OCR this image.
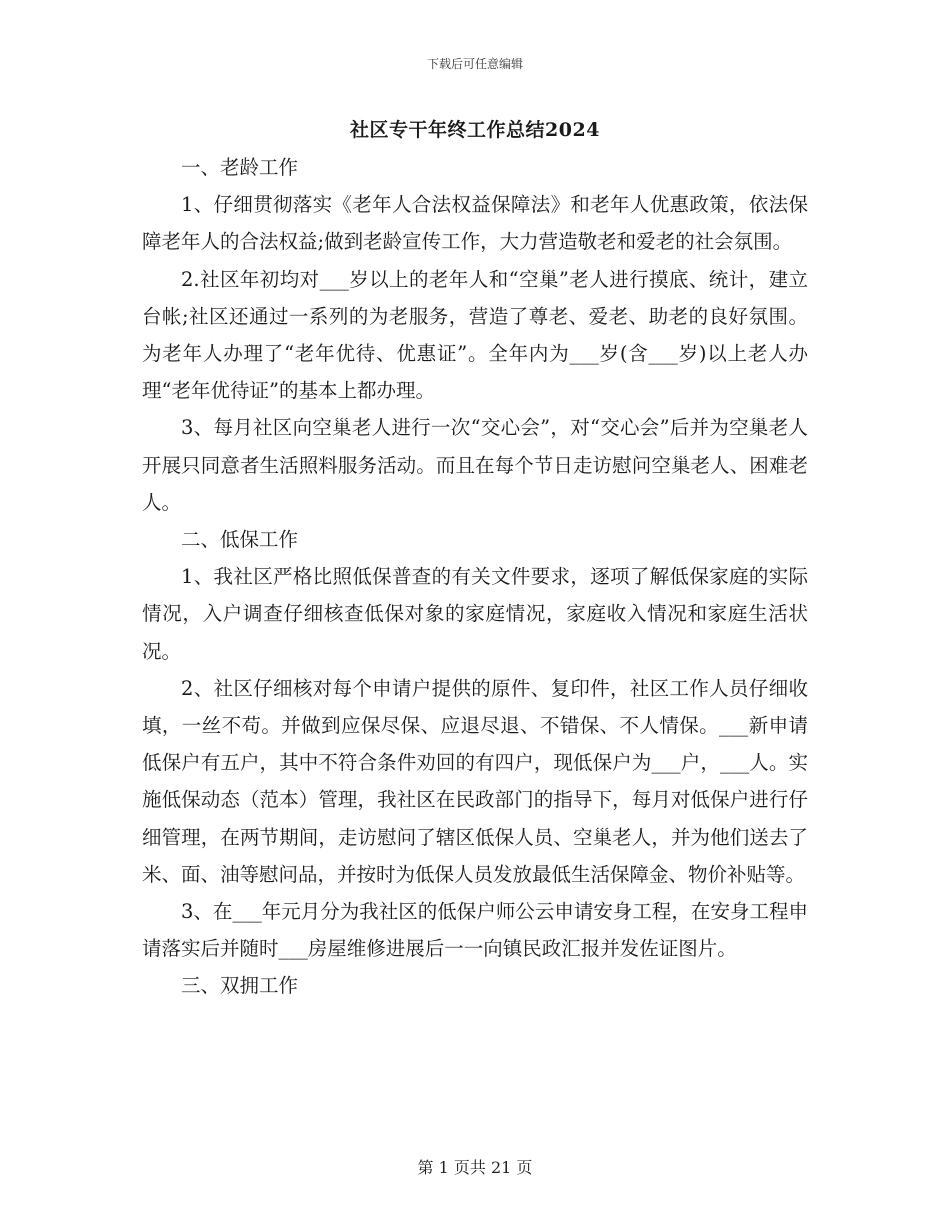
下载后可任意编辑
社区专干年终工作总结2024

一、老龄工作

1、仔细贯彻落实《老年人合法权益保障法》和老年人优惠政策，依法保障老年人的合法权益;做到老龄宣传工作，大力营造敬老和爱老的社会氛围。

2.社区年初均对___岁以上的老年人和“空巢”老人进行摸底、统计，建立台帐;社区还通过一系列的为老服务，营造了尊老、爱老、助老的良好氛围。为老年人办理了“老年优待、优惠证”。全年内为___岁(含___岁)以上老人办理“老年优待证”的基本上都办理。

3、每月社区向空巢老人进行一次“交心会”，对“交心会”后并为空巢老人开展只同意者生活照料服务活动。而且在每个节日走访慰问空巢老人、困难老人。

二、低保工作

1、我社区严格比照低保普查的有关文件要求，逐项了解低保家庭的实际情况，入户调查仔细核查低保对象的家庭情况，家庭收入情况和家庭生活状况。

2、社区仔细核对每个申请户提供的原件、复印件，社区工作人员仔细收填，一丝不苟。并做到应保尽保、应退尽退、不错保、不人情保。___新申请低保户有五户，其中不符合条件劝回的有四户，现低保户为___户，___人。实施低保动态（范本）管理，我社区在民政部门的指导下，每月对低保户进行仔细管理，在两节期间，走访慰问了辖区低保人员、空巢老人，并为他们送去了米、面、油等慰问品，并按时为低保人员发放最低生活保障金、物价补贴等。

3、在___年元月分为我社区的低保户师公云申请安身工程，在安身工程申请落实后并随时___房屋维修进展后一一向镇民政汇报并发佐证图片。

三、双拥工作

第 1 页共 21 页
